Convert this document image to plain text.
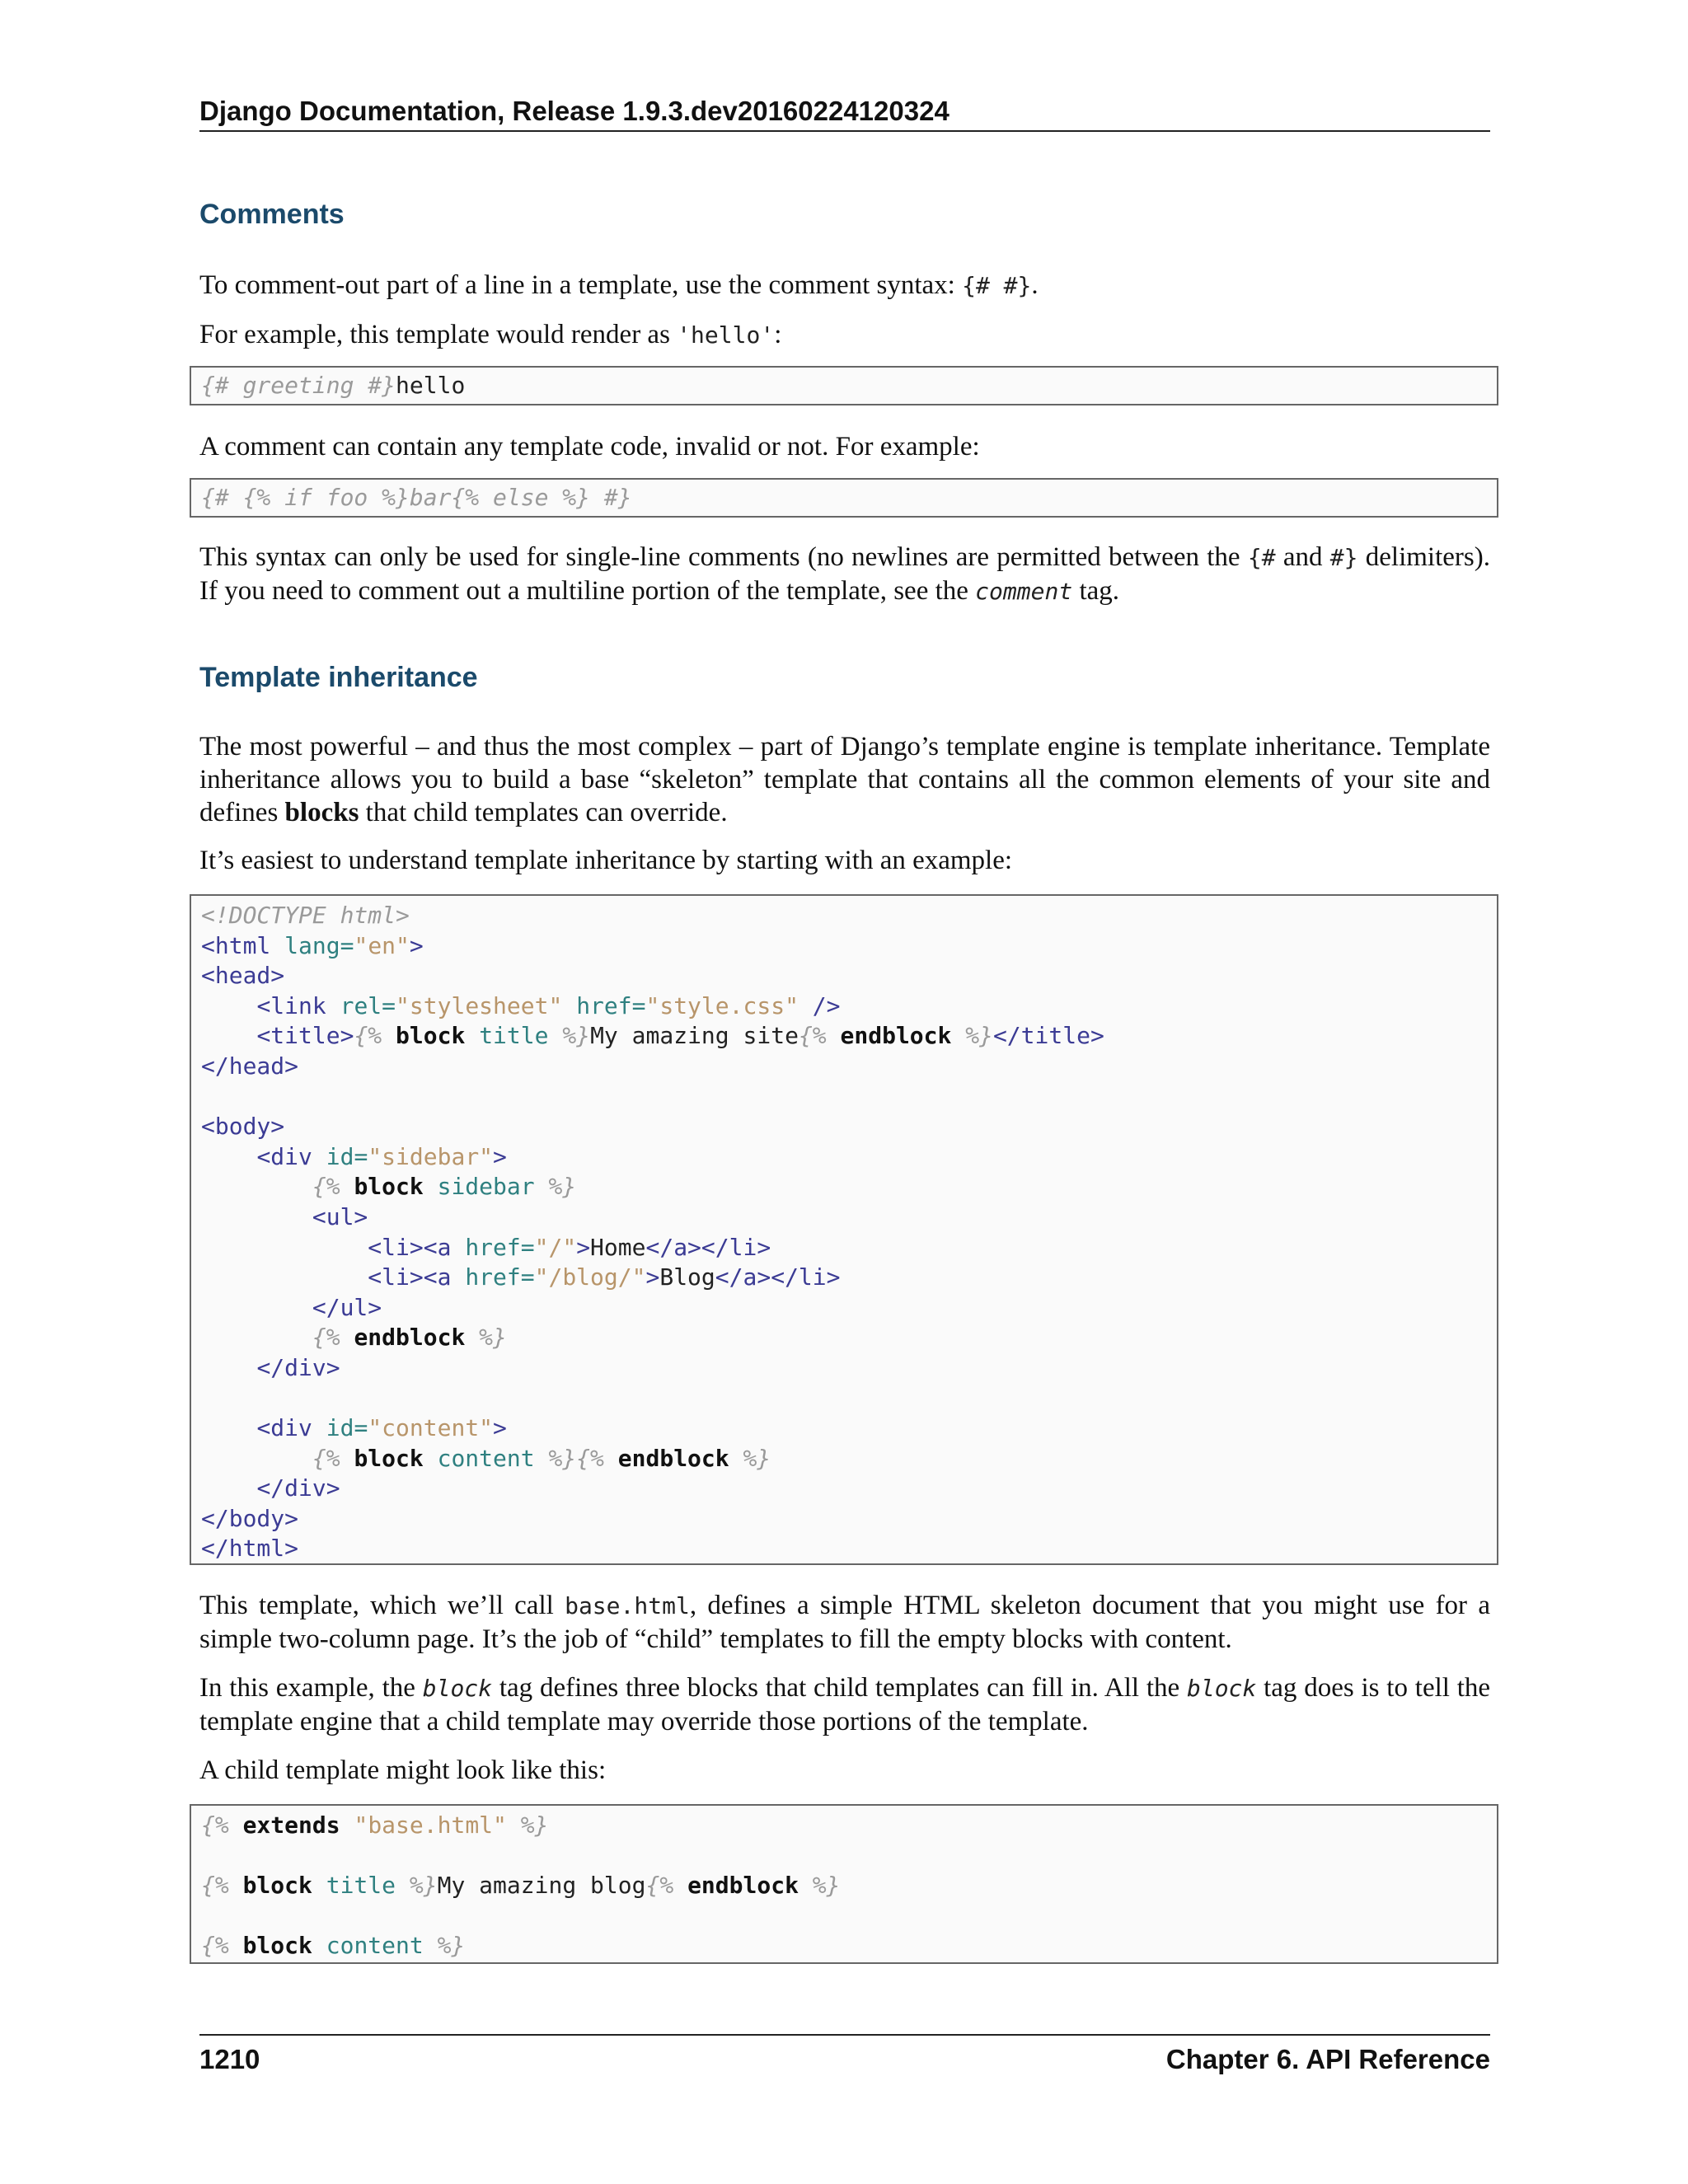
Django Documentation, Release 1.9.3.dev20160224120324
Comments

To comment-out part of a line in a template, use the comment syntax: {# #}.

For example, this template would render as 'hello':

{# greeting #}hello

A comment can contain any template code, invalid or not. For example:

{# {% if foo %}bar{% else %} #}

This syntax can only be used for single-line comments (no newlines are permitted between the {# and #} delimiters). If you need to comment out a multiline portion of the template, see the comment tag.

Template inheritance

The most powerful – and thus the most complex – part of Django’s template engine is template inheritance. Template inheritance allows you to build a base “skeleton” template that contains all the common elements of your site and defines blocks that child templates can override.

It’s easiest to understand template inheritance by starting with an example:

<!DOCTYPE html>
<html lang="en">
<head>
<link rel="stylesheet" href="style.css" />
<title>{% block title %}My amazing site{% endblock %}</title>
</head>

<body>
<div id="sidebar">
{% block sidebar %}
<ul>
<li><a href="/">Home</a></li>
<li><a href="/blog/">Blog</a></li>
</ul>
{% endblock %}
</div>

<div id="content">
{% block content %}{% endblock %}
</div>
</body>
</html>

This template, which we’ll call base.html, defines a simple HTML skeleton document that you might use for a simple two-column page. It’s the job of “child” templates to fill the empty blocks with content.

In this example, the block tag defines three blocks that child templates can fill in. All the block tag does is to tell the template engine that a child template may override those portions of the template.

A child template might look like this:

{% extends "base.html" %}

{% block title %}My amazing blog{% endblock %}

{% block content %}
1210	Chapter 6. API Reference
